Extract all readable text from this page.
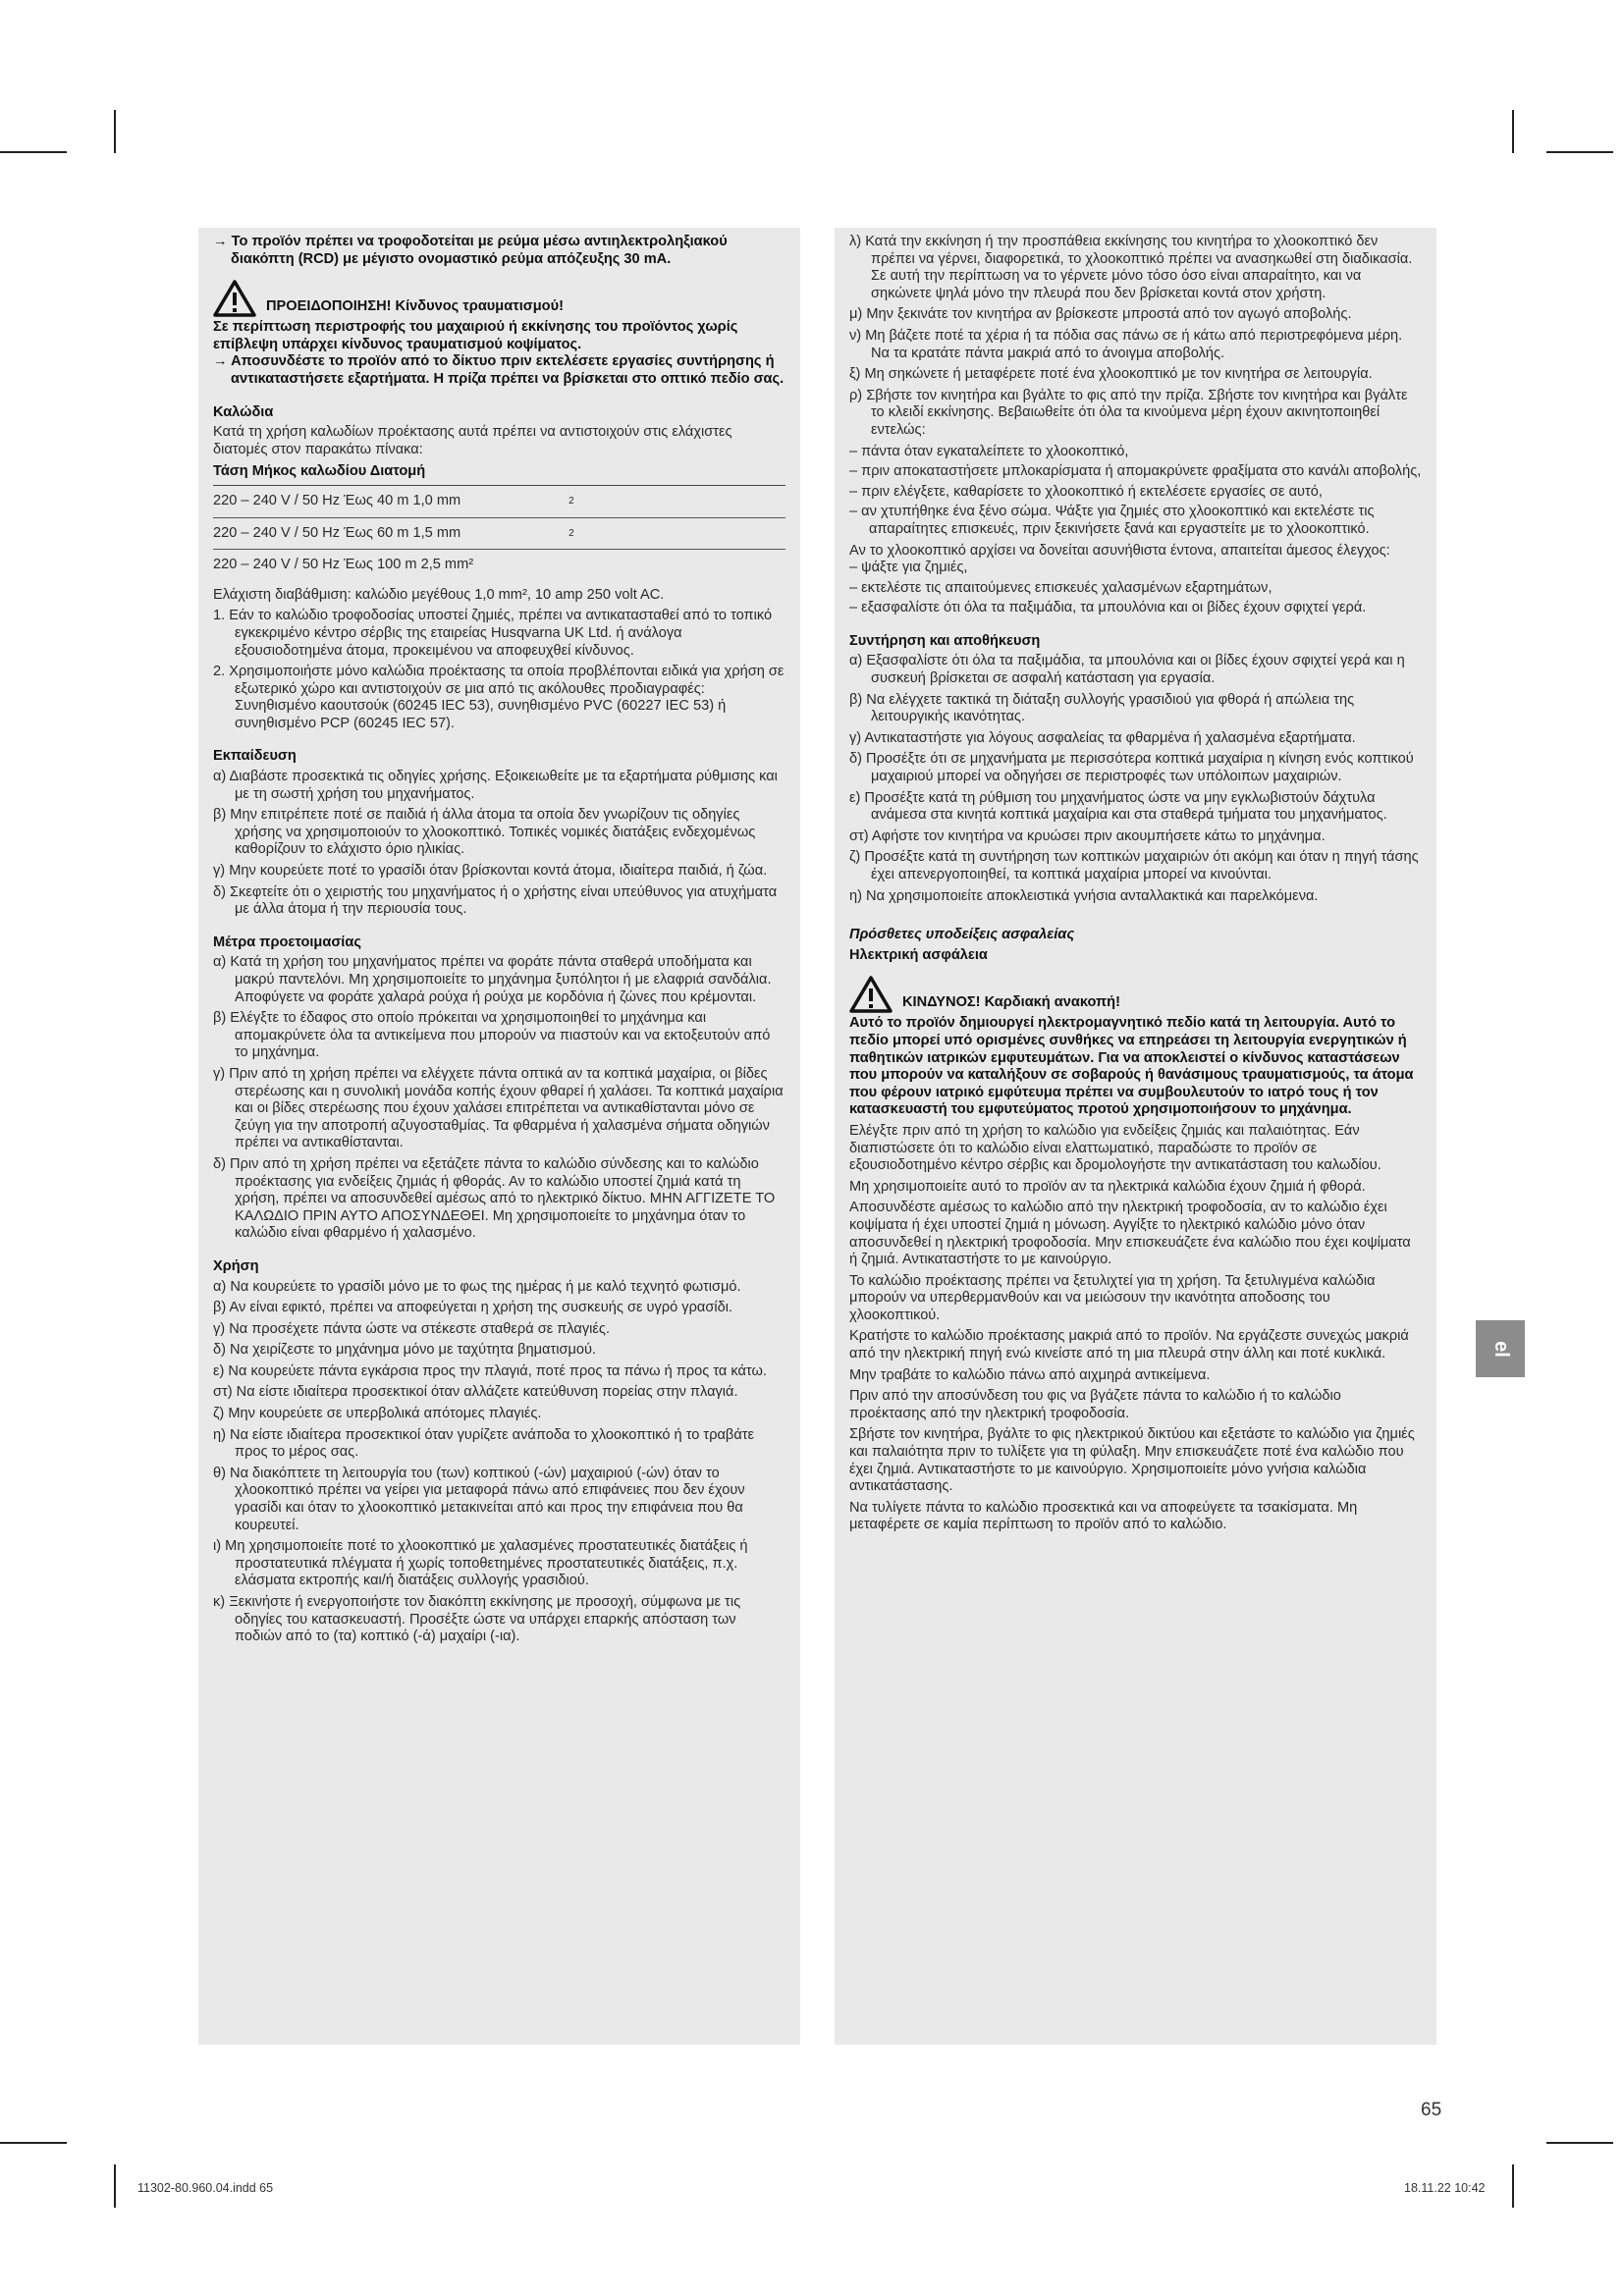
→ Το προϊόν πρέπει να τροφοδοτείται με ρεύμα μέσω αντιηλεκτροληξιακού διακόπτη (RCD) με μέγιστο ονομαστικό ρεύμα απόζευξης 30 mA.

ΠΡΟΕΙΔΟΠΟΙΗΣΗ! Κίνδυνος τραυματισμού!

Σε περίπτωση περιστροφής του μαχαιριού ή εκκίνησης του προϊόντος χωρίς επίβλεψη υπάρχει κίνδυνος τραυματισμού κοψίματος.

→ Αποσυνδέστε το προϊόν από το δίκτυο πριν εκτελέσετε εργασίες συντήρησης ή αντικαταστήσετε εξαρτήματα. Η πρίζα πρέπει να βρίσκεται στο οπτικό πεδίο σας.

Καλώδια

Κατά τη χρήση καλωδίων προέκτασης αυτά πρέπει να αντιστοιχούν στις ελάχιστες διατομές στον παρακάτω πίνακα:

Τάση Μήκος καλωδίου Διατομή
220 – 240 V / 50 Hz Έως 40 m 1,0 mm	$^2$
220 – 240 V / 50 Hz Έως 60 m 1,5 mm	$^2$
220 – 240 V / 50 Hz Έως 100 m 2,5 mm²

Ελάχιστη διαβάθμιση: καλώδιο μεγέθους 1,0 mm², 10 amp 250 volt AC.

1. Εάν το καλώδιο τροφοδοσίας υποστεί ζημιές, πρέπει να αντικατασταθεί από το τοπικό εγκεκριμένο κέντρο σέρβις της εταιρείας Husqvarna UK Ltd. ή ανάλογα εξουσιοδοτημένα άτομα, προκειμένου να αποφευχθεί κίνδυνος.

2. Χρησιμοποιήστε μόνο καλώδια προέκτασης τα οποία προβλέπονται ειδικά για χρήση σε εξωτερικό χώρο και αντιστοιχούν σε μια από τις ακόλουθες προδιαγραφές: Συνηθισμένο καουτσούκ (60245 IEC 53), συνηθισμένο PVC (60227 IEC 53) ή συνηθισμένο PCP (60245 IEC 57).

Εκπαίδευση

α) Διαβάστε προσεκτικά τις οδηγίες χρήσης. Εξοικειωθείτε με τα εξαρτήματα ρύθμισης και με τη σωστή χρήση του μηχανήματος.

β) Μην επιτρέπετε ποτέ σε παιδιά ή άλλα άτομα τα οποία δεν γνωρίζουν τις οδηγίες χρήσης να χρησιμοποιούν το χλοοκοπτικό. Τοπικές νομικές διατάξεις ενδεχομένως καθορίζουν το ελάχιστο όριο ηλικίας.

γ) Μην κουρεύετε ποτέ το γρασίδι όταν βρίσκονται κοντά άτομα, ιδιαίτερα παιδιά, ή ζώα.

δ) Σκεφτείτε ότι ο χειριστής του μηχανήματος ή ο χρήστης είναι υπεύθυνος για ατυχήματα με άλλα άτομα ή την περιουσία τους.

Μέτρα προετοιμασίας

α) Κατά τη χρήση του μηχανήματος πρέπει να φοράτε πάντα σταθερά υποδήματα και μακρύ παντελόνι. Μη χρησιμοποιείτε το μηχάνημα ξυπόλητοι ή με ελαφριά σανδάλια. Αποφύγετε να φοράτε χαλαρά ρούχα ή ρούχα με κορδόνια ή ζώνες που κρέμονται.

β) Ελέγξτε το έδαφος στο οποίο πρόκειται να χρησιμοποιηθεί το μηχάνημα και απομακρύνετε όλα τα αντικείμενα που μπορούν να πιαστούν και να εκτοξευτούν από το μηχάνημα.

γ) Πριν από τη χρήση πρέπει να ελέγχετε πάντα οπτικά αν τα κοπτικά μαχαίρια, οι βίδες στερέωσης και η συνολική μονάδα κοπής έχουν φθαρεί ή χαλάσει. Τα κοπτικά μαχαίρια και οι βίδες στερέωσης που έχουν χαλάσει επιτρέπεται να αντικαθίστανται μόνο σε ζεύγη για την αποτροπή αζυγοσταθμίας. Τα φθαρμένα ή χαλασμένα σήματα οδηγιών πρέπει να αντικαθίστανται.

δ) Πριν από τη χρήση πρέπει να εξετάζετε πάντα το καλώδιο σύνδεσης και το καλώδιο προέκτασης για ενδείξεις ζημιάς ή φθοράς. Αν το καλώδιο υποστεί ζημιά κατά τη χρήση, πρέπει να αποσυνδεθεί αμέσως από το ηλεκτρικό δίκτυο. ΜΗΝ ΑΓΓΙΖΕΤΕ ΤΟ ΚΑΛΩΔΙΟ ΠΡΙΝ ΑΥΤΟ ΑΠΟΣΥΝΔΕΘΕΙ. Μη χρησιμοποιείτε το μηχάνημα όταν το καλώδιο είναι φθαρμένο ή χαλασμένο.

Χρήση

α) Να κουρεύετε το γρασίδι μόνο με το φως της ημέρας ή με καλό τεχνητό φωτισμό.

β) Αν είναι εφικτό, πρέπει να αποφεύγεται η χρήση της συσκευής σε υγρό γρασίδι.

γ) Να προσέχετε πάντα ώστε να στέκεστε σταθερά σε πλαγιές.

δ) Να χειρίζεστε το μηχάνημα μόνο με ταχύτητα βηματισμού.

ε) Να κουρεύετε πάντα εγκάρσια προς την πλαγιά, ποτέ προς τα πάνω ή προς τα κάτω.

στ) Να είστε ιδιαίτερα προσεκτικοί όταν αλλάζετε κατεύθυνση πορείας στην πλαγιά.

ζ) Μην κουρεύετε σε υπερβολικά απότομες πλαγιές.

η) Να είστε ιδιαίτερα προσεκτικοί όταν γυρίζετε ανάποδα το χλοοκοπτικό ή το τραβάτε προς το μέρος σας.

θ) Να διακόπτετε τη λειτουργία του (των) κοπτικού (-ών) μαχαιριού (-ών) όταν το χλοοκοπτικό πρέπει να γείρει για μεταφορά πάνω από επιφάνειες που δεν έχουν γρασίδι και όταν το χλοοκοπτικό μετακινείται από και προς την επιφάνεια που θα κουρευτεί.

ι) Μη χρησιμοποιείτε ποτέ το χλοοκοπτικό με χαλασμένες προστατευτικές διατάξεις ή προστατευτικά πλέγματα ή χωρίς τοποθετημένες προστατευτικές διατάξεις, π.χ. ελάσματα εκτροπής και/ή διατάξεις συλλογής γρασιδιού.

κ) Ξεκινήστε ή ενεργοποιήστε τον διακόπτη εκκίνησης με προσοχή, σύμφωνα με τις οδηγίες του κατασκευαστή. Προσέξτε ώστε να υπάρχει επαρκής απόσταση των ποδιών από το (τα) κοπτικό (-ά) μαχαίρι (-ια).

λ) Κατά την εκκίνηση ή την προσπάθεια εκκίνησης του κινητήρα το χλοοκοπτικό δεν πρέπει να γέρνει, διαφορετικά, το χλοοκοπτικό πρέπει να ανασηκωθεί στη διαδικασία. Σε αυτή την περίπτωση να το γέρνετε μόνο τόσο όσο είναι απαραίτητο, και να σηκώνετε ψηλά μόνο την πλευρά που δεν βρίσκεται κοντά στον χρήστη.

μ) Μην ξεκινάτε τον κινητήρα αν βρίσκεστε μπροστά από τον αγωγό αποβολής.

ν) Μη βάζετε ποτέ τα χέρια ή τα πόδια σας πάνω σε ή κάτω από περιστρεφόμενα μέρη. Να τα κρατάτε πάντα μακριά από το άνοιγμα αποβολής.

ξ) Μη σηκώνετε ή μεταφέρετε ποτέ ένα χλοοκοπτικό με τον κινητήρα σε λειτουργία.

ρ) Σβήστε τον κινητήρα και βγάλτε το φις από την πρίζα. Σβήστε τον κινητήρα και βγάλτε το κλειδί εκκίνησης. Βεβαιωθείτε ότι όλα τα κινούμενα μέρη έχουν ακινητοποιηθεί εντελώς:

– πάντα όταν εγκαταλείπετε το χλοοκοπτικό,

– πριν αποκαταστήσετε μπλοκαρίσματα ή απομακρύνετε φραξίματα στο κανάλι αποβολής,

– πριν ελέγξετε, καθαρίσετε το χλοοκοπτικό ή εκτελέσετε εργασίες σε αυτό,

– αν χτυπήθηκε ένα ξένο σώμα. Ψάξτε για ζημιές στο χλοοκοπτικό και εκτελέστε τις απαραίτητες επισκευές, πριν ξεκινήσετε ξανά και εργαστείτε με το χλοοκοπτικό.

Αν το χλοοκοπτικό αρχίσει να δονείται ασυνήθιστα έντονα, απαιτείται άμεσος έλεγχος:

– ψάξτε για ζημιές,

– εκτελέστε τις απαιτούμενες επισκευές χαλασμένων εξαρτημάτων,

– εξασφαλίστε ότι όλα τα παξιμάδια, τα μπουλόνια και οι βίδες έχουν σφιχτεί γερά.

Συντήρηση και αποθήκευση

α) Εξασφαλίστε ότι όλα τα παξιμάδια, τα μπουλόνια και οι βίδες έχουν σφιχτεί γερά και η συσκευή βρίσκεται σε ασφαλή κατάσταση για εργασία.

β) Να ελέγχετε τακτικά τη διάταξη συλλογής γρασιδιού για φθορά ή απώλεια της λειτουργικής ικανότητας.

γ) Αντικαταστήστε για λόγους ασφαλείας τα φθαρμένα ή χαλασμένα εξαρτήματα.

δ) Προσέξτε ότι σε μηχανήματα με περισσότερα κοπτικά μαχαίρια η κίνηση ενός κοπτικού μαχαιριού μπορεί να οδηγήσει σε περιστροφές των υπόλοιπων μαχαιριών.

ε) Προσέξτε κατά τη ρύθμιση του μηχανήματος ώστε να μην εγκλωβιστούν δάχτυλα ανάμεσα στα κινητά κοπτικά μαχαίρια και στα σταθερά τμήματα του μηχανήματος.

στ) Αφήστε τον κινητήρα να κρυώσει πριν ακουμπήσετε κάτω το μηχάνημα.

ζ) Προσέξτε κατά τη συντήρηση των κοπτικών μαχαιριών ότι ακόμη και όταν η πηγή τάσης έχει απενεργοποιηθεί, τα κοπτικά μαχαίρια μπορεί να κινούνται.

η) Να χρησιμοποιείτε αποκλειστικά γνήσια ανταλλακτικά και παρελκόμενα.

Πρόσθετες υποδείξεις ασφαλείας

Ηλεκτρική ασφάλεια

ΚΙΝΔΥΝΟΣ! Καρδιακή ανακοπή!

Αυτό το προϊόν δημιουργεί ηλεκτρομαγνητικό πεδίο κατά τη λειτουργία. Αυτό το πεδίο μπορεί υπό ορισμένες συνθήκες να επηρεάσει τη λειτουργία ενεργητικών ή παθητικών ιατρικών εμφυτευμάτων. Για να αποκλειστεί ο κίνδυνος καταστάσεων που μπορούν να καταλήξουν σε σοβαρούς ή θανάσιμους τραυματισμούς, τα άτομα που φέρουν ιατρικό εμφύτευμα πρέπει να συμβουλευτούν το ιατρό τους ή τον κατασκευαστή του εμφυτεύματος προτού χρησιμοποιήσουν το μηχάνημα.

Ελέγξτε πριν από τη χρήση το καλώδιο για ενδείξεις ζημιάς και παλαιότητας. Εάν διαπιστώσετε ότι το καλώδιο είναι ελαττωματικό, παραδώστε το προϊόν σε εξουσιοδοτημένο κέντρο σέρβις και δρομολογήστε την αντικατάσταση του καλωδίου.

Μη χρησιμοποιείτε αυτό το προϊόν αν τα ηλεκτρικά καλώδια έχουν ζημιά ή φθορά.

Αποσυνδέστε αμέσως το καλώδιο από την ηλεκτρική τροφοδοσία, αν το καλώδιο έχει κοψίματα ή έχει υποστεί ζημιά η μόνωση. Αγγίξτε το ηλεκτρικό καλώδιο μόνο όταν αποσυνδεθεί η ηλεκτρική τροφοδοσία. Μην επισκευάζετε ένα καλώδιο που έχει κοψίματα ή ζημιά. Αντικαταστήστε το με καινούργιο.

Το καλώδιο προέκτασης πρέπει να ξετυλιχτεί για τη χρήση. Τα ξετυλιγμένα καλώδια μπορούν να υπερθερμανθούν και να μειώσουν την ικανότητα αποδοσης του χλοοκοπτικού.

Κρατήστε το καλώδιο προέκτασης μακριά από το προϊόν. Να εργάζεστε συνεχώς μακριά από την ηλεκτρική πηγή ενώ κινείστε από τη μια πλευρά στην άλλη και ποτέ κυκλικά.

Μην τραβάτε το καλώδιο πάνω από αιχμηρά αντικείμενα.

Πριν από την αποσύνδεση του φις να βγάζετε πάντα το καλώδιο ή το καλώδιο προέκτασης από την ηλεκτρική τροφοδοσία.

Σβήστε τον κινητήρα, βγάλτε το φις ηλεκτρικού δικτύου και εξετάστε το καλώδιο για ζημιές και παλαιότητα πριν το τυλίξετε για τη φύλαξη. Μην επισκευάζετε ποτέ ένα καλώδιο που έχει ζημιά. Αντικαταστήστε το με καινούργιο. Χρησιμοποιείτε μόνο γνήσια καλώδια αντικατάστασης.

Να τυλίγετε πάντα το καλώδιο προσεκτικά και να αποφεύγετε τα τσακίσματα. Μη μεταφέρετε σε καμία περίπτωση το προϊόν από το καλώδιο.

el
65
11302-80.960.04.indd 65	18.11.22 10:42
